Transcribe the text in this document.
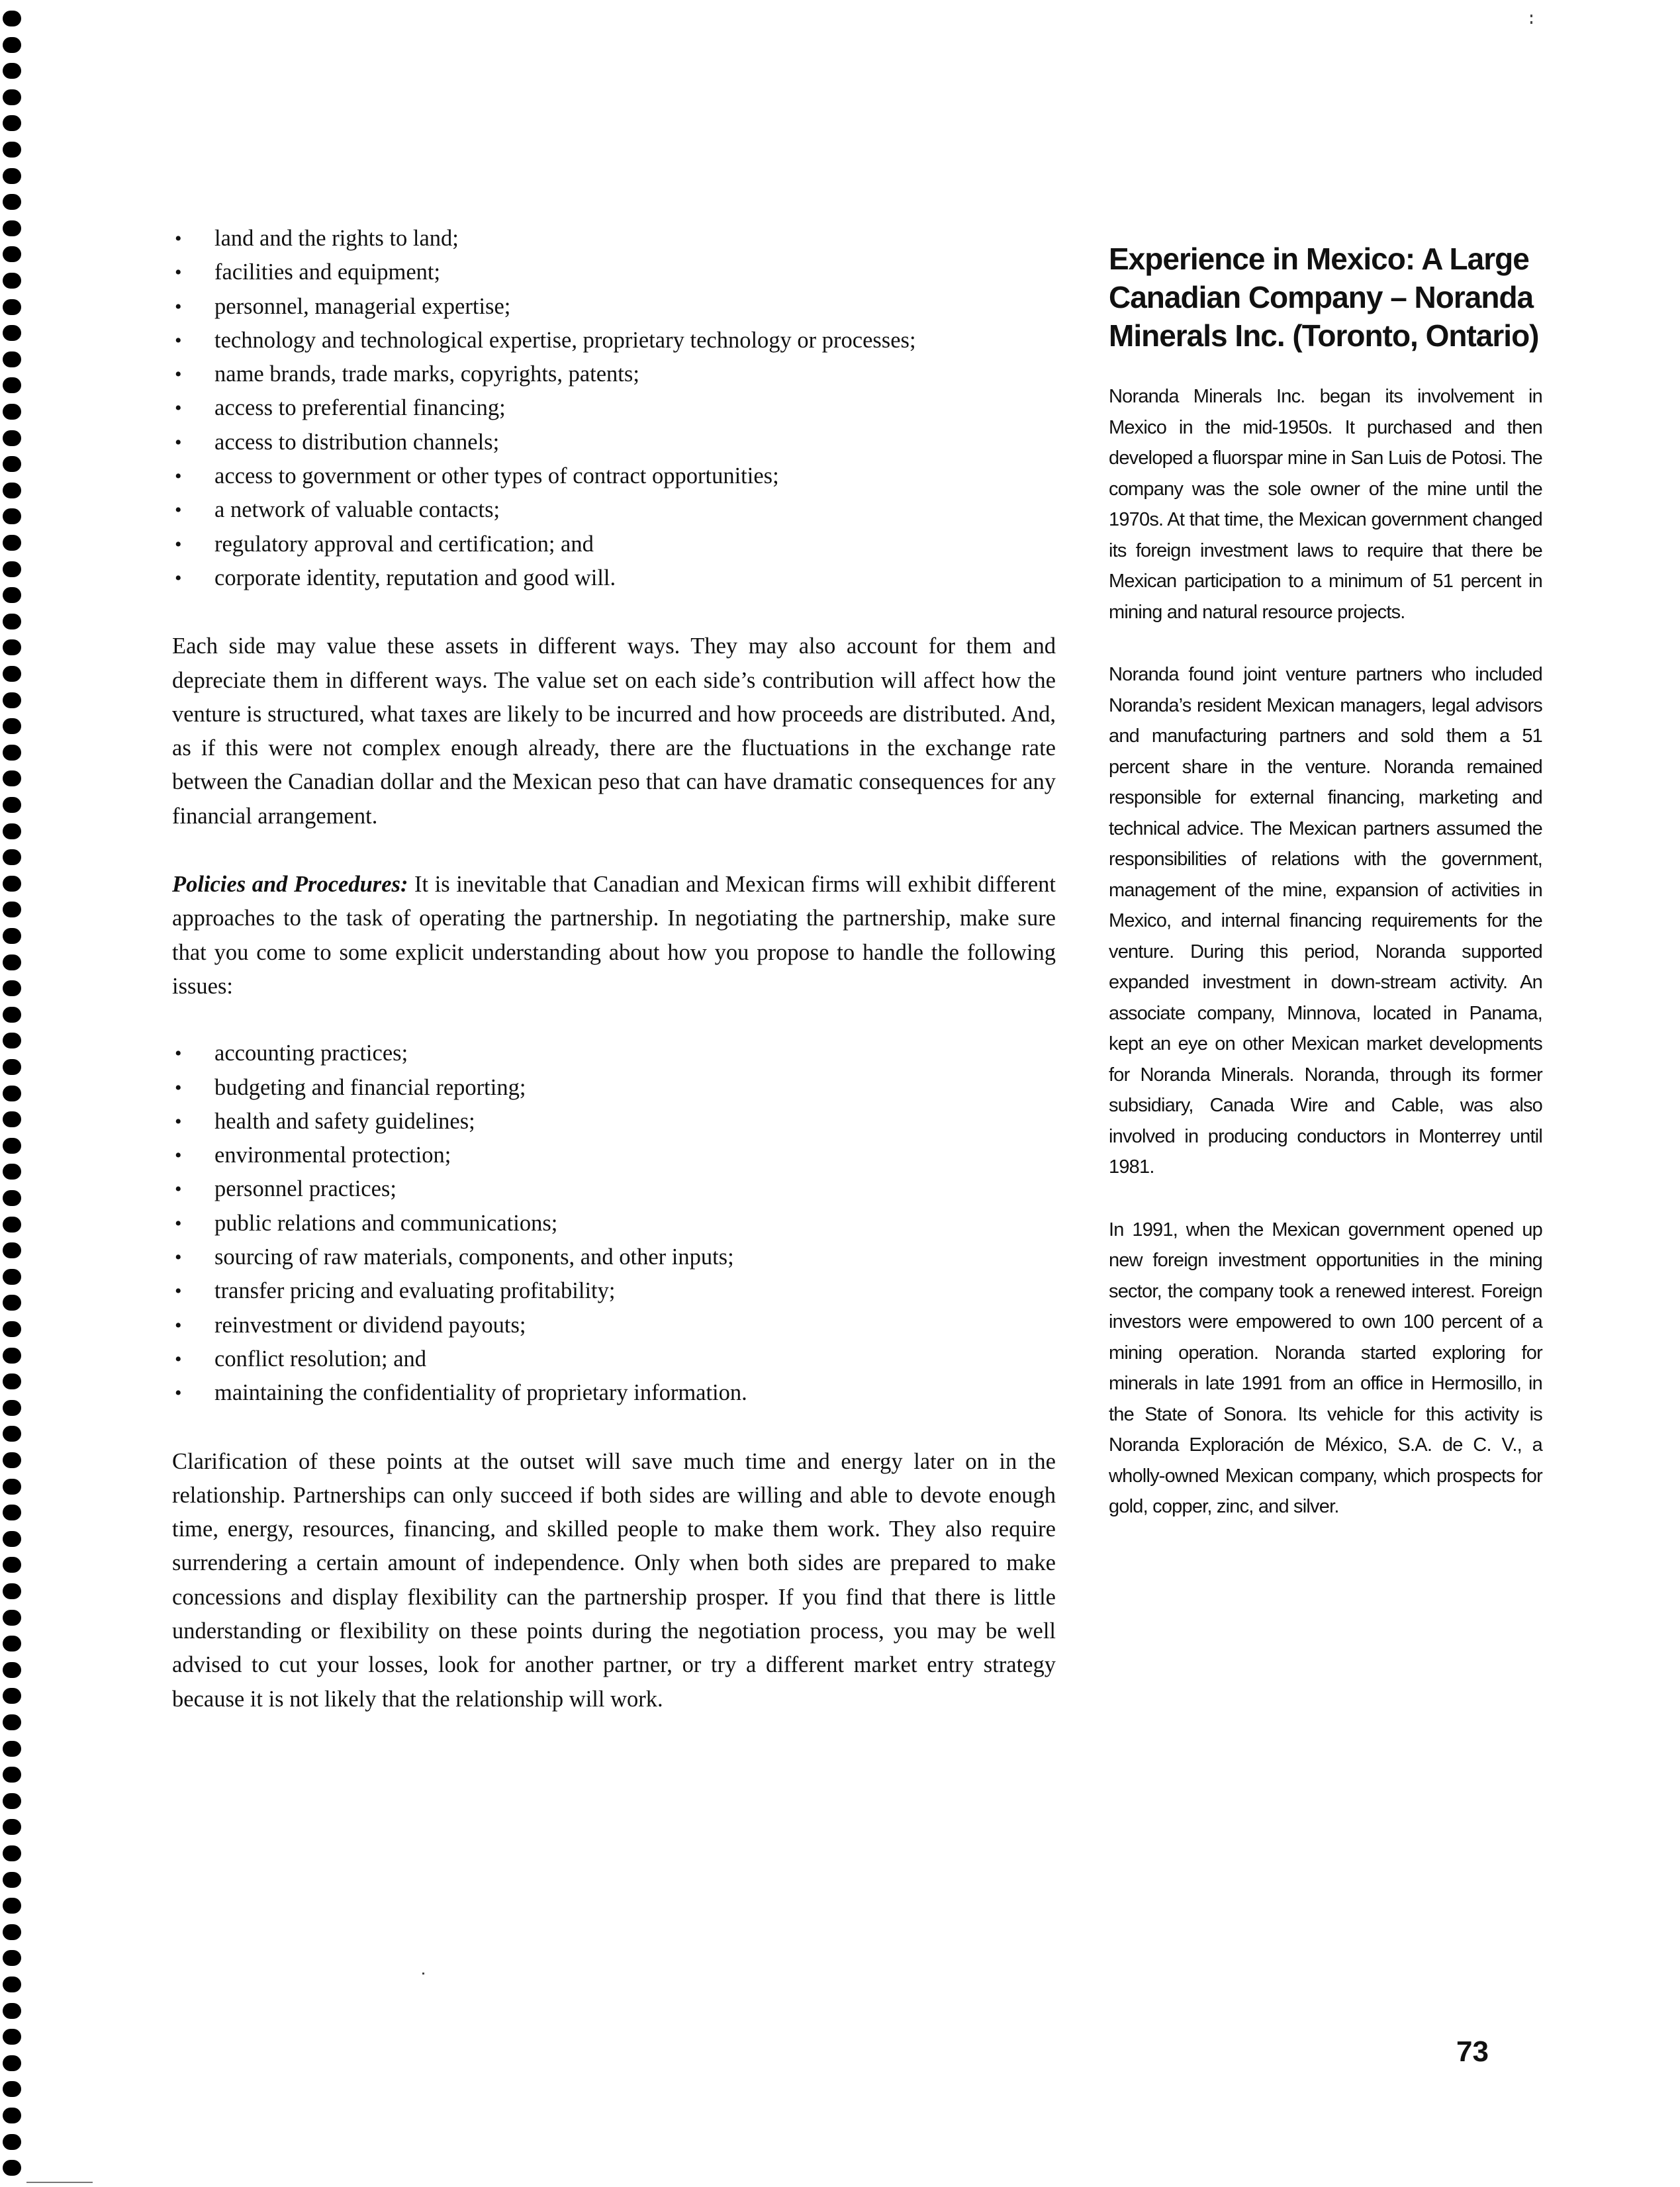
• land and the rights to land;
• facilities and equipment;
• personnel, managerial expertise;
• technology and technological expertise, proprietary technology or processes;
• name brands, trade marks, copyrights, patents;
• access to preferential financing;
• access to distribution channels;
• access to government or other types of contract opportunities;
• a network of valuable contacts;
• regulatory approval and certification; and
• corporate identity, reputation and good will.

Each side may value these assets in different ways. They may also account for them and depreciate them in different ways. The value set on each side’s contribution will affect how the venture is structured, what taxes are likely to be incurred and how proceeds are distributed. And, as if this were not complex enough already, there are the fluctuations in the exchange rate between the Canadian dollar and the Mexican peso that can have dramatic consequences for any financial arrangement.

Policies and Procedures: It is inevitable that Canadian and Mexican firms will exhibit different approaches to the task of operating the partnership. In negotiating the partnership, make sure that you come to some explicit understanding about how you propose to handle the following issues:

• accounting practices;
• budgeting and financial reporting;
• health and safety guidelines;
• environmental protection;
• personnel practices;
• public relations and communications;
• sourcing of raw materials, components, and other inputs;
• transfer pricing and evaluating profitability;
• reinvestment or dividend payouts;
• conflict resolution; and
• maintaining the confidentiality of proprietary information.

Clarification of these points at the outset will save much time and energy later on in the relationship. Partnerships can only succeed if both sides are willing and able to devote enough time, energy, resources, financing, and skilled people to make them work. They also require surrendering a certain amount of independence. Only when both sides are prepared to make concessions and display flexibility can the partnership prosper. If you find that there is little understanding or flexibility on these points during the negotiation process, you may be well advised to cut your losses, look for another partner, or try a different market entry strategy because it is not likely that the relationship will work.

Experience in Mexico: A Large Canadian Company – Noranda Minerals Inc. (Toronto, Ontario)

Noranda Minerals Inc. began its involvement in Mexico in the mid-1950s. It purchased and then developed a fluorspar mine in San Luis de Potosi. The company was the sole owner of the mine until the 1970s. At that time, the Mexican government changed its foreign investment laws to require that there be Mexican participation to a minimum of 51 percent in mining and natural resource projects.

Noranda found joint venture partners who included Noranda’s resident Mexican managers, legal advisors and manufacturing partners and sold them a 51 percent share in the venture. Noranda remained responsible for external financing, marketing and technical advice. The Mexican partners assumed the responsibilities of relations with the government, management of the mine, expansion of activities in Mexico, and internal financing requirements for the venture. During this period, Noranda supported expanded investment in down-stream activity. An associate company, Minnova, located in Panama, kept an eye on other Mexican market developments for Noranda Minerals. Noranda, through its former subsidiary, Canada Wire and Cable, was also involved in producing conductors in Monterrey until 1981.

In 1991, when the Mexican government opened up new foreign investment opportunities in the mining sector, the company took a renewed interest. Foreign investors were empowered to own 100 percent of a mining operation. Noranda started exploring for minerals in late 1991 from an office in Hermosillo, in the State of Sonora. Its vehicle for this activity is Noranda Exploración de México, S.A. de C. V., a wholly-owned Mexican company, which prospects for gold, copper, zinc, and silver.

73
